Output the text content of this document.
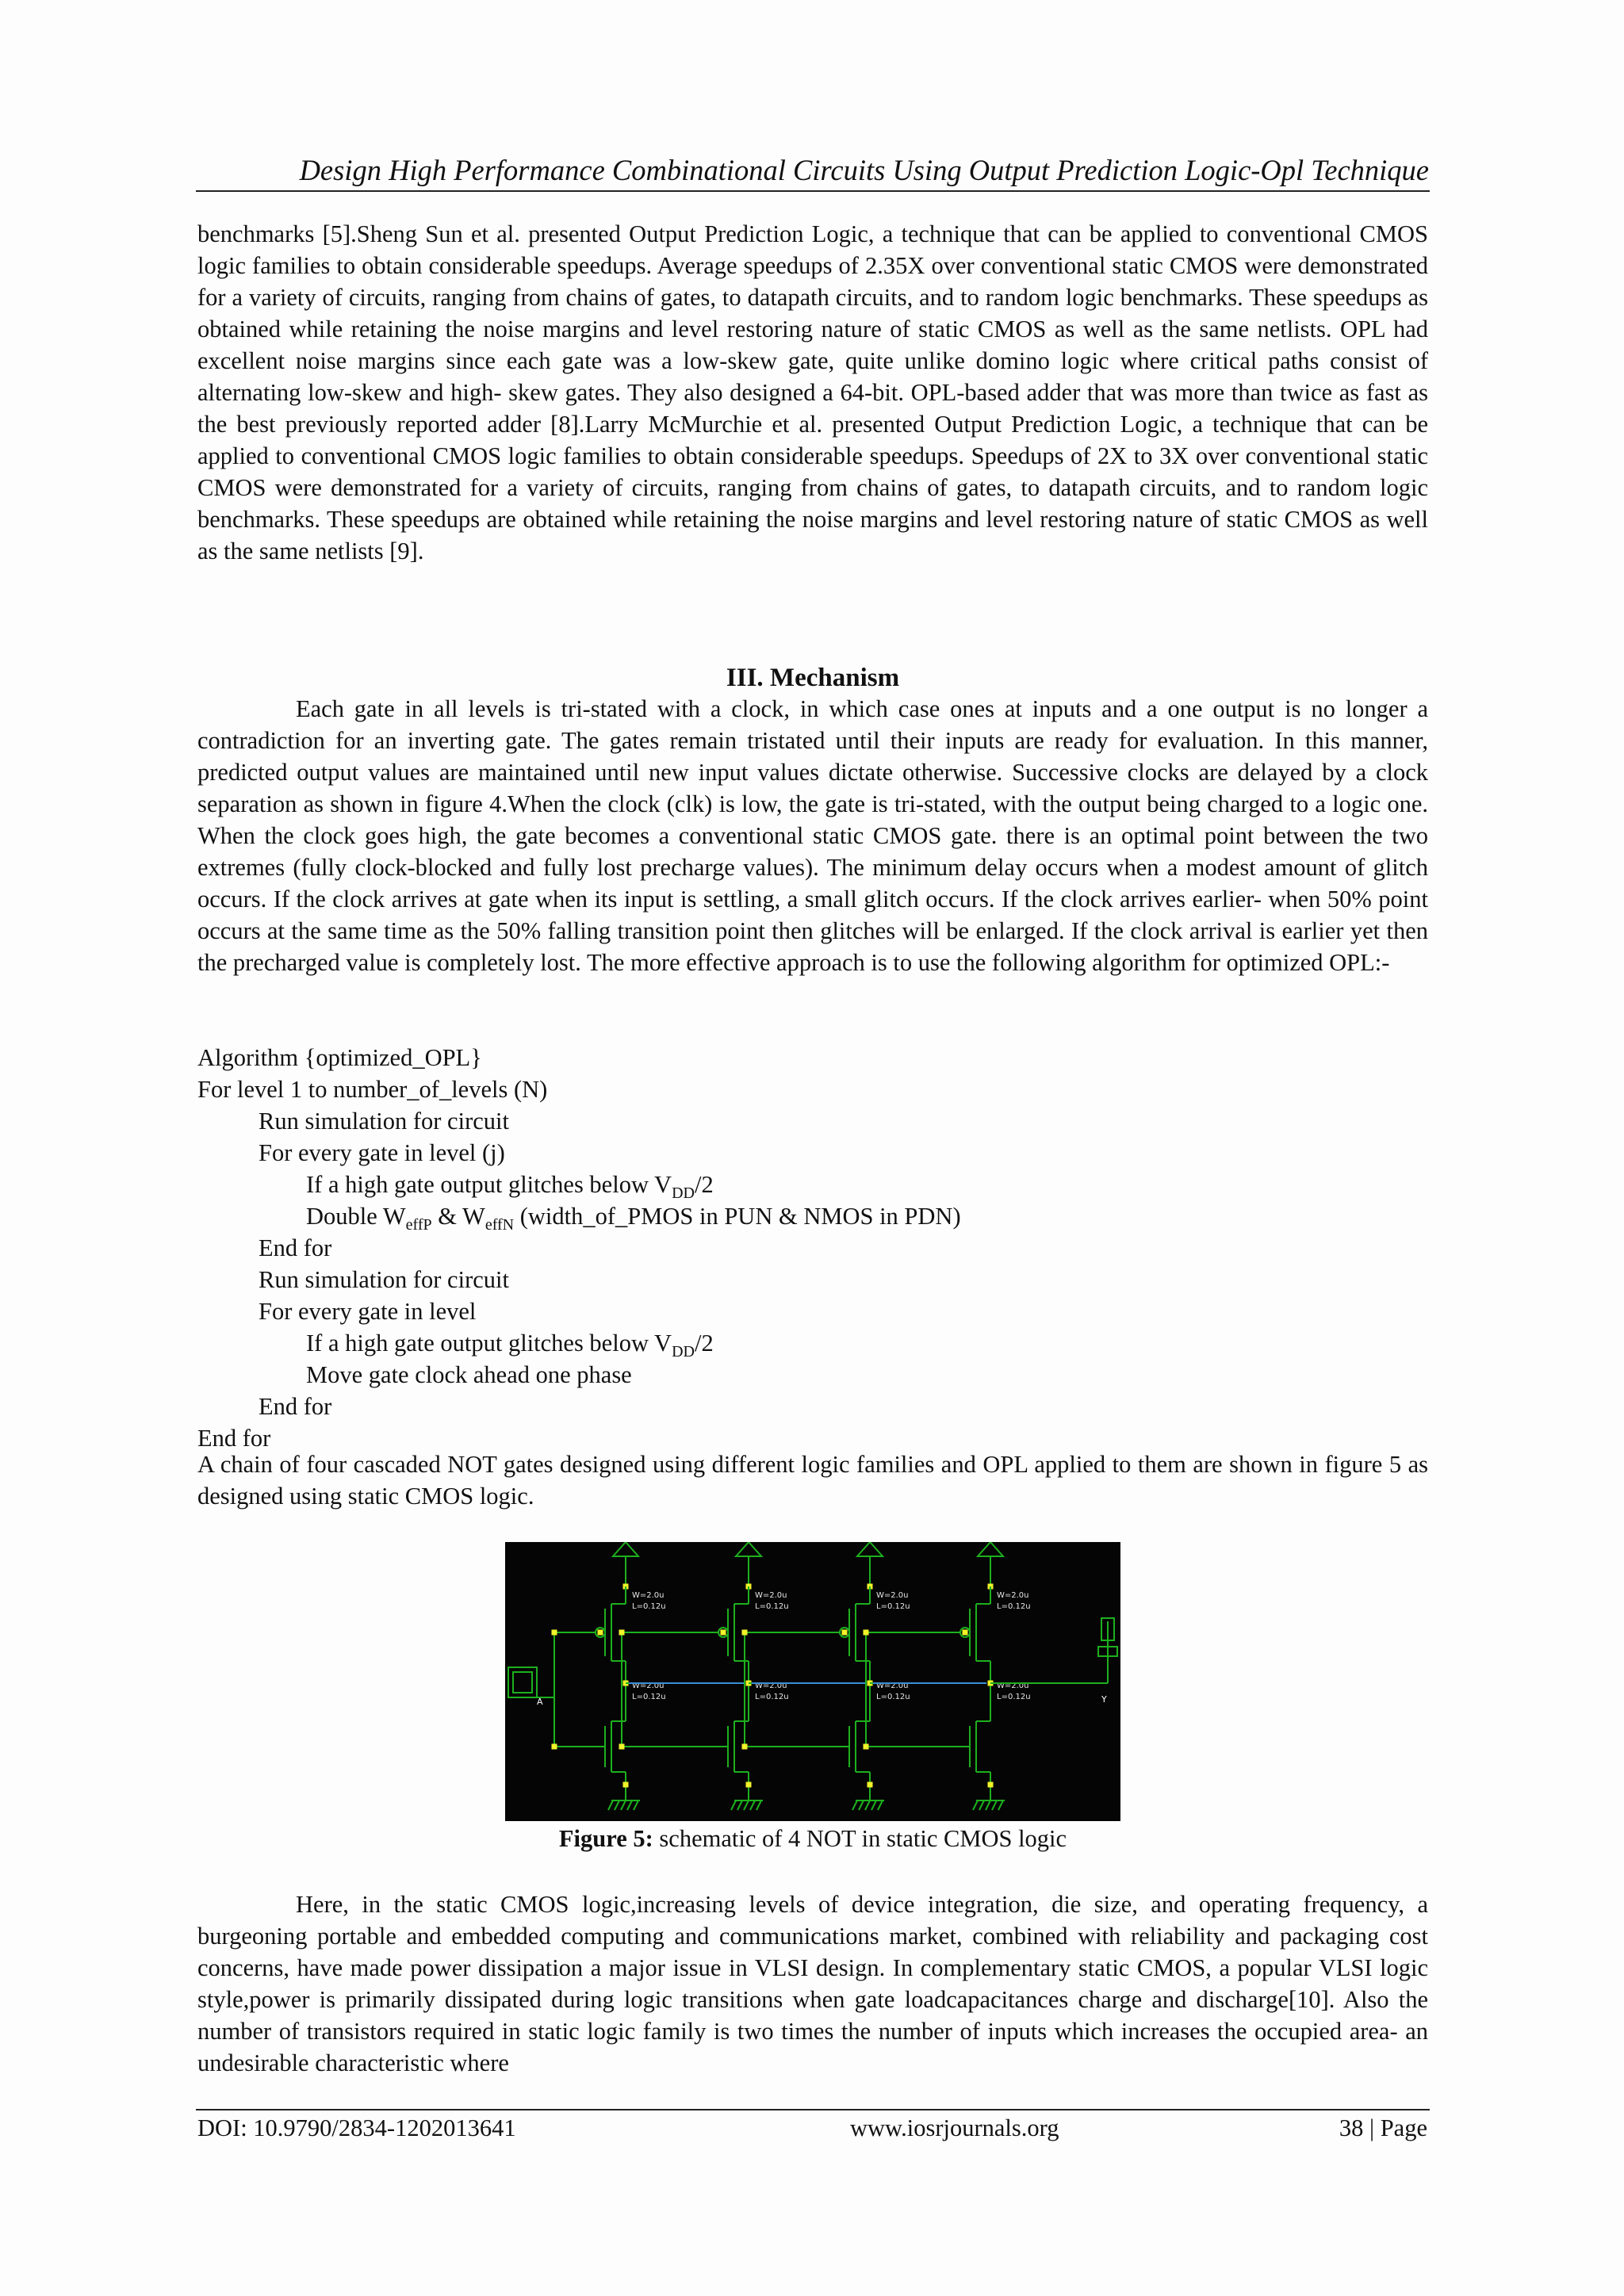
Design High Performance Combinational Circuits Using Output Prediction Logic-Opl Technique

benchmarks [5].Sheng Sun et al. presented Output Prediction Logic, a technique that can be applied to conventional CMOS logic families to obtain considerable speedups. Average speedups of 2.35X over conventional static CMOS were demonstrated for a variety of circuits, ranging from chains of gates, to datapath circuits, and to random logic benchmarks. These speedups as obtained while retaining the noise margins and level restoring nature of static CMOS as well as the same netlists. OPL had excellent noise margins since each gate was a low-skew gate, quite unlike domino logic where critical paths consist of alternating low-skew and high- skew gates. They also designed a 64-bit. OPL-based adder that was more than twice as fast as the best previously reported adder [8].Larry McMurchie et al. presented Output Prediction Logic, a technique that can be applied to conventional CMOS logic families to obtain considerable speedups. Speedups of 2X to 3X over conventional static CMOS were demonstrated for a variety of circuits, ranging from chains of gates, to datapath circuits, and to random logic benchmarks. These speedups are obtained while retaining the noise margins and level restoring nature of static CMOS as well as the same netlists [9].

III. Mechanism

Each gate in all levels is tri-stated with a clock, in which case ones at inputs and a one output is no longer a contradiction for an inverting gate. The gates remain tristated until their inputs are ready for evaluation. In this manner, predicted output values are maintained until new input values dictate otherwise. Successive clocks are delayed by a clock separation as shown in figure 4.When the clock (clk) is low, the gate is tri-stated, with the output being charged to a logic one. When the clock goes high, the gate becomes a conventional static CMOS gate. there is an optimal point between the two extremes (fully clock-blocked and fully lost precharge values). The minimum delay occurs when a modest amount of glitch occurs. If the clock arrives at gate when its input is settling, a small glitch occurs. If the clock arrives earlier- when 50% point occurs at the same time as the 50% falling transition point then glitches will be enlarged. If the clock arrival is earlier yet then the precharged value is completely lost. The more effective approach is to use the following algorithm for optimized OPL:-

Algorithm {optimized_OPL}
For level 1 to number_of_levels (N)
Run simulation for circuit
For every gate in level (j)
If a high gate output glitches below $V_{DD}/2$
Double $W_{effP}$ & $W_{effN}$ (width_of_PMOS in PUN & NMOS in PDN)
End for
Run simulation for circuit
For every gate in level
If a high gate output glitches below $V_{DD}/2$
Move gate clock ahead one phase
End for
End for

A chain of four cascaded NOT gates designed using different logic families and OPL applied to them are shown in figure 5 as designed using static CMOS logic.

A
W=2.0u
L=0.12u
W=2.0u
L=0.12u
W=2.0u
L=0.12u
W=2.0u
L=0.12u
W=2.0u
L=0.12u
W=2.0u
L=0.12u
W=2.0u
L=0.12u
W=2.0u
L=0.12u	Y
Figure 5: schematic of 4 NOT in static CMOS logic

Here, in the static CMOS logic,increasing levels of device integration, die size, and operating frequency, a burgeoning portable and embedded computing and communications market, combined with reliability and packaging cost concerns, have made power dissipation a major issue in VLSI design. In complementary static CMOS, a popular VLSI logic style,power is primarily dissipated during logic transitions when gate loadcapacitances charge and discharge[10]. Also the number of transistors required in static logic family is two times the number of inputs which increases the occupied area- an undesirable characteristic where

DOI: 10.9790/2834-1202013641	www.iosrjournals.org	38 | Page
